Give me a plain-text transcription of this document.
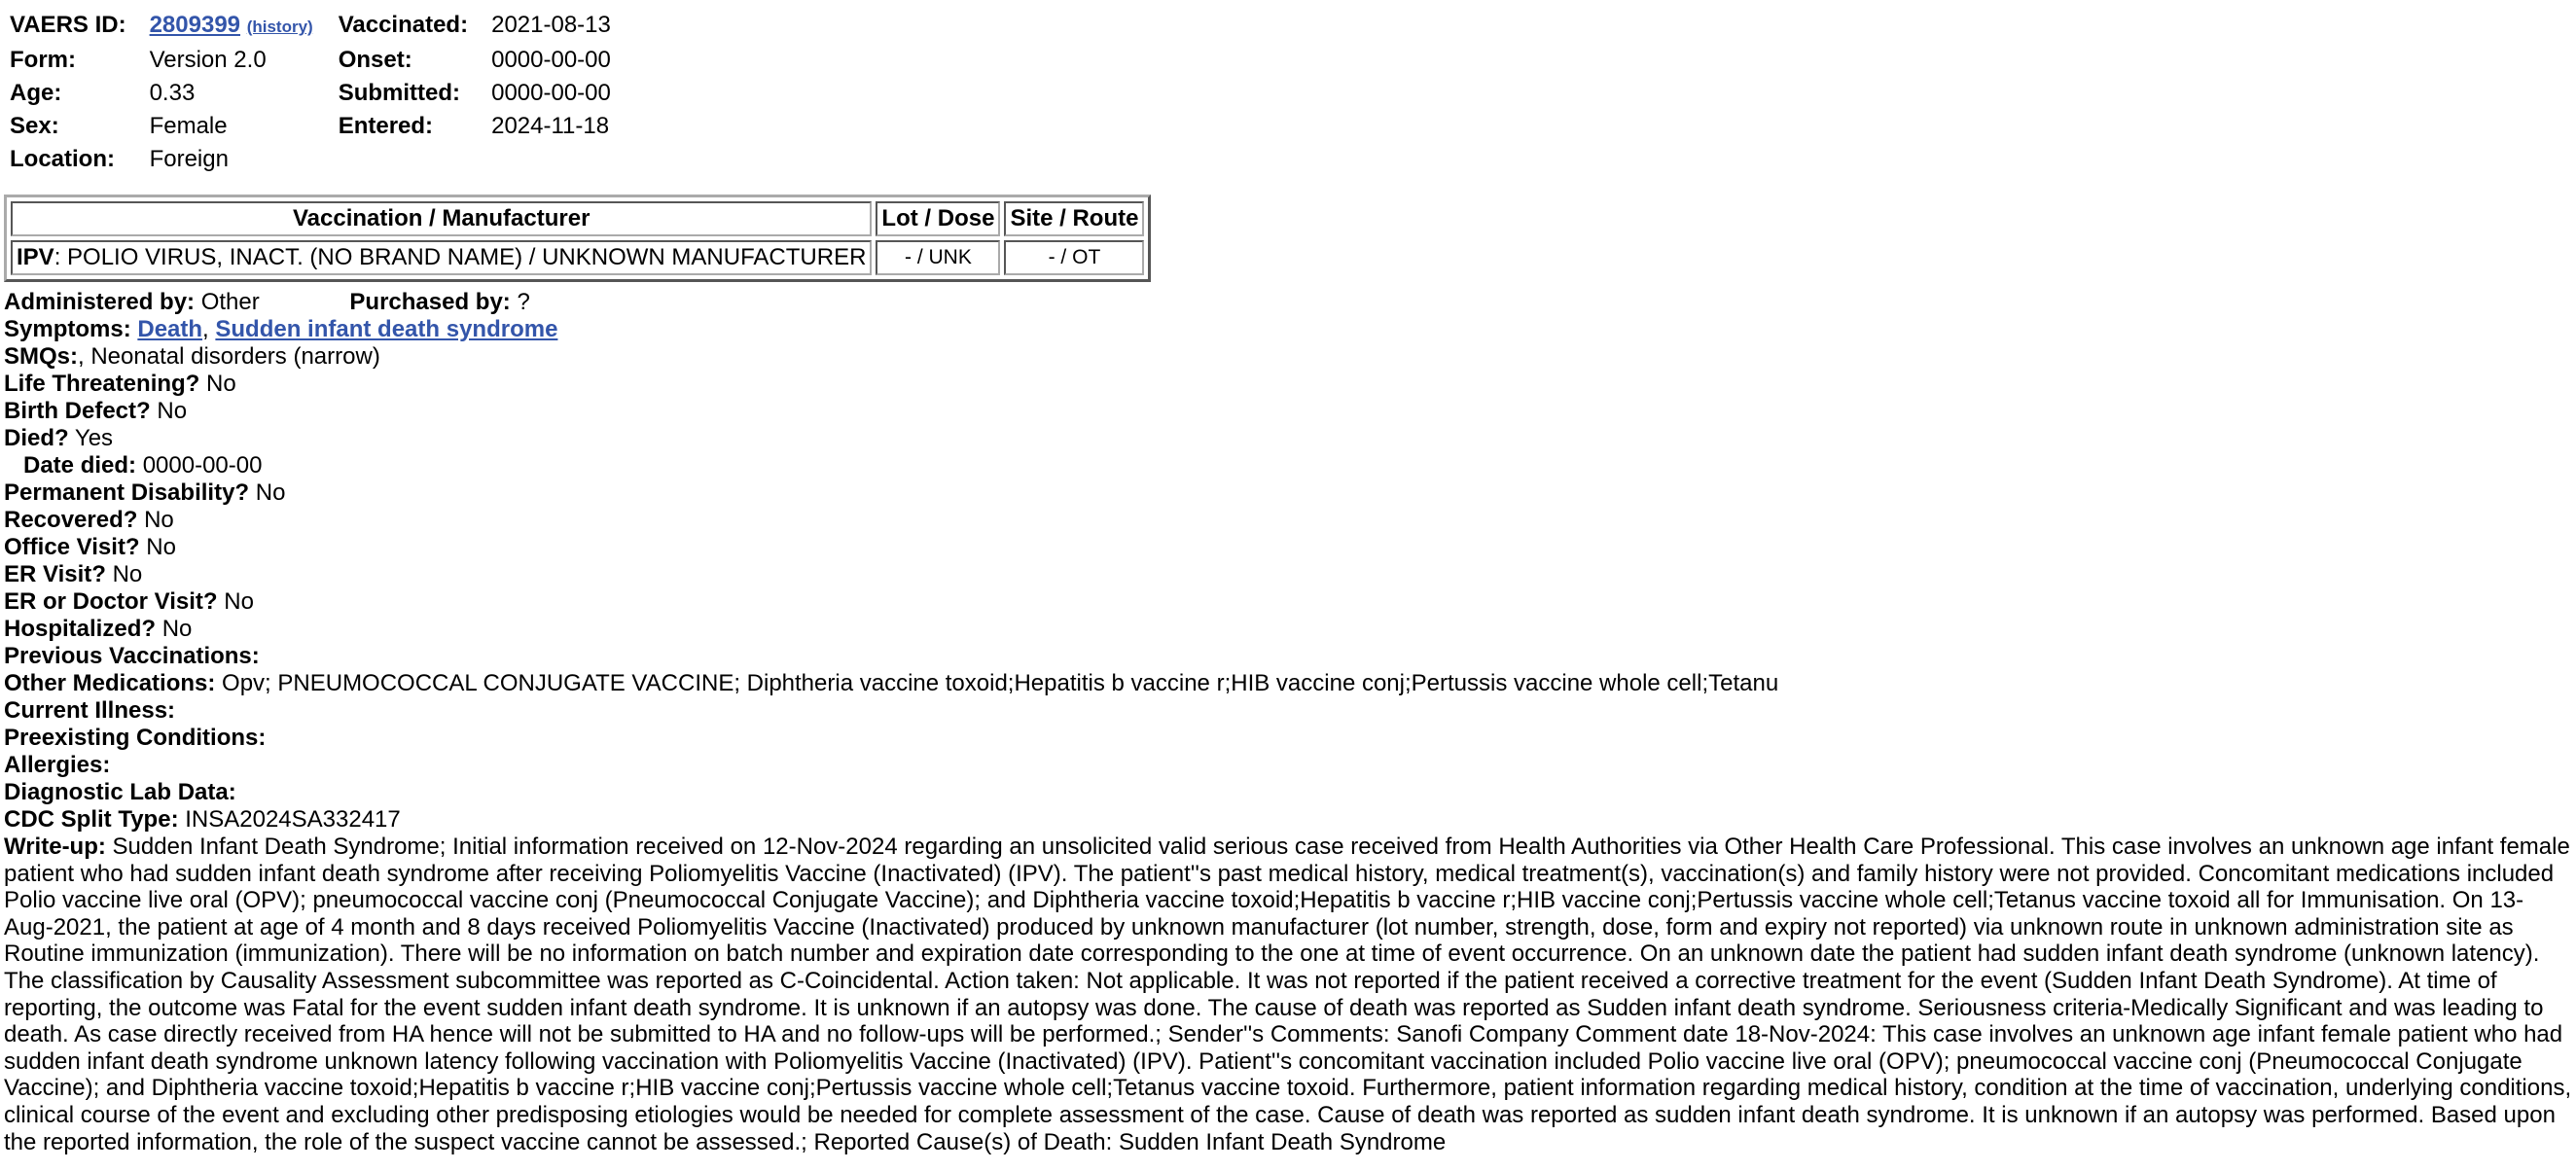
VAERS ID:	2809399 (history)		Vaccinated:	2021-08-13
Form:	Version 2.0		Onset:	0000-00-00
Age:	0.33		Submitted:	0000-00-00
Sex:	Female		Entered:	2024-11-18
Location:	Foreign			
Vaccination / Manufacturer	Lot / Dose	Site / Route
IPV: POLIO VIRUS, INACT. (NO BRAND NAME) / UNKNOWN MANUFACTURER	- / UNK	- / OT
Administered by: Other	Purchased by: ?
Symptoms: Death, Sudden infant death syndrome
SMQs:, Neonatal disorders (narrow)
Life Threatening? No
Birth Defect? No
Died? Yes
Date died: 0000-00-00
Permanent Disability? No
Recovered? No
Office Visit? No
ER Visit? No
ER or Doctor Visit? No
Hospitalized? No
Previous Vaccinations:
Other Medications: Opv; PNEUMOCOCCAL CONJUGATE VACCINE; Diphtheria vaccine toxoid;Hepatitis b vaccine r;HIB vaccine conj;Pertussis vaccine whole cell;Tetanu
Current Illness:
Preexisting Conditions:
Allergies:
Diagnostic Lab Data:
CDC Split Type: INSA2024SA332417
Write-up: Sudden Infant Death Syndrome; Initial information received on 12-Nov-2024 regarding an unsolicited valid serious case received from Health Authorities via Other Health Care Professional. This case involves an unknown age infant female patient who had sudden infant death syndrome after receiving Poliomyelitis Vaccine (Inactivated) (IPV). The patient''s past medical history, medical treatment(s), vaccination(s) and family history were not provided. Concomitant medications included Polio vaccine live oral (OPV); pneumococcal vaccine conj (Pneumococcal Conjugate Vaccine); and Diphtheria vaccine toxoid;Hepatitis b vaccine r;HIB vaccine conj;Pertussis vaccine whole cell;Tetanus vaccine toxoid all for Immunisation. On 13-Aug-2021, the patient at age of 4 month and 8 days received Poliomyelitis Vaccine (Inactivated) produced by unknown manufacturer (lot number, strength, dose, form and expiry not reported) via unknown route in unknown administration site as Routine immunization (immunization). There will be no information on batch number and expiration date corresponding to the one at time of event occurrence. On an unknown date the patient had sudden infant death syndrome (unknown latency). The classification by Causality Assessment subcommittee was reported as C-Coincidental. Action taken: Not applicable. It was not reported if the patient received a corrective treatment for the event (Sudden Infant Death Syndrome). At time of reporting, the outcome was Fatal for the event sudden infant death syndrome. It is unknown if an autopsy was done. The cause of death was reported as Sudden infant death syndrome. Seriousness criteria-Medically Significant and was leading to death. As case directly received from HA hence will not be submitted to HA and no follow-ups will be performed.; Sender''s Comments: Sanofi Company Comment date 18-Nov-2024: This case involves an unknown age infant female patient who had sudden infant death syndrome unknown latency following vaccination with Poliomyelitis Vaccine (Inactivated) (IPV). Patient''s concomitant vaccination included Polio vaccine live oral (OPV); pneumococcal vaccine conj (Pneumococcal Conjugate Vaccine); and Diphtheria vaccine toxoid;Hepatitis b vaccine r;HIB vaccine conj;Pertussis vaccine whole cell;Tetanus vaccine toxoid. Furthermore, patient information regarding medical history, condition at the time of vaccination, underlying conditions, clinical course of the event and excluding other predisposing etiologies would be needed for complete assessment of the case. Cause of death was reported as sudden infant death syndrome. It is unknown if an autopsy was performed. Based upon the reported information, the role of the suspect vaccine cannot be assessed.; Reported Cause(s) of Death: Sudden Infant Death Syndrome
